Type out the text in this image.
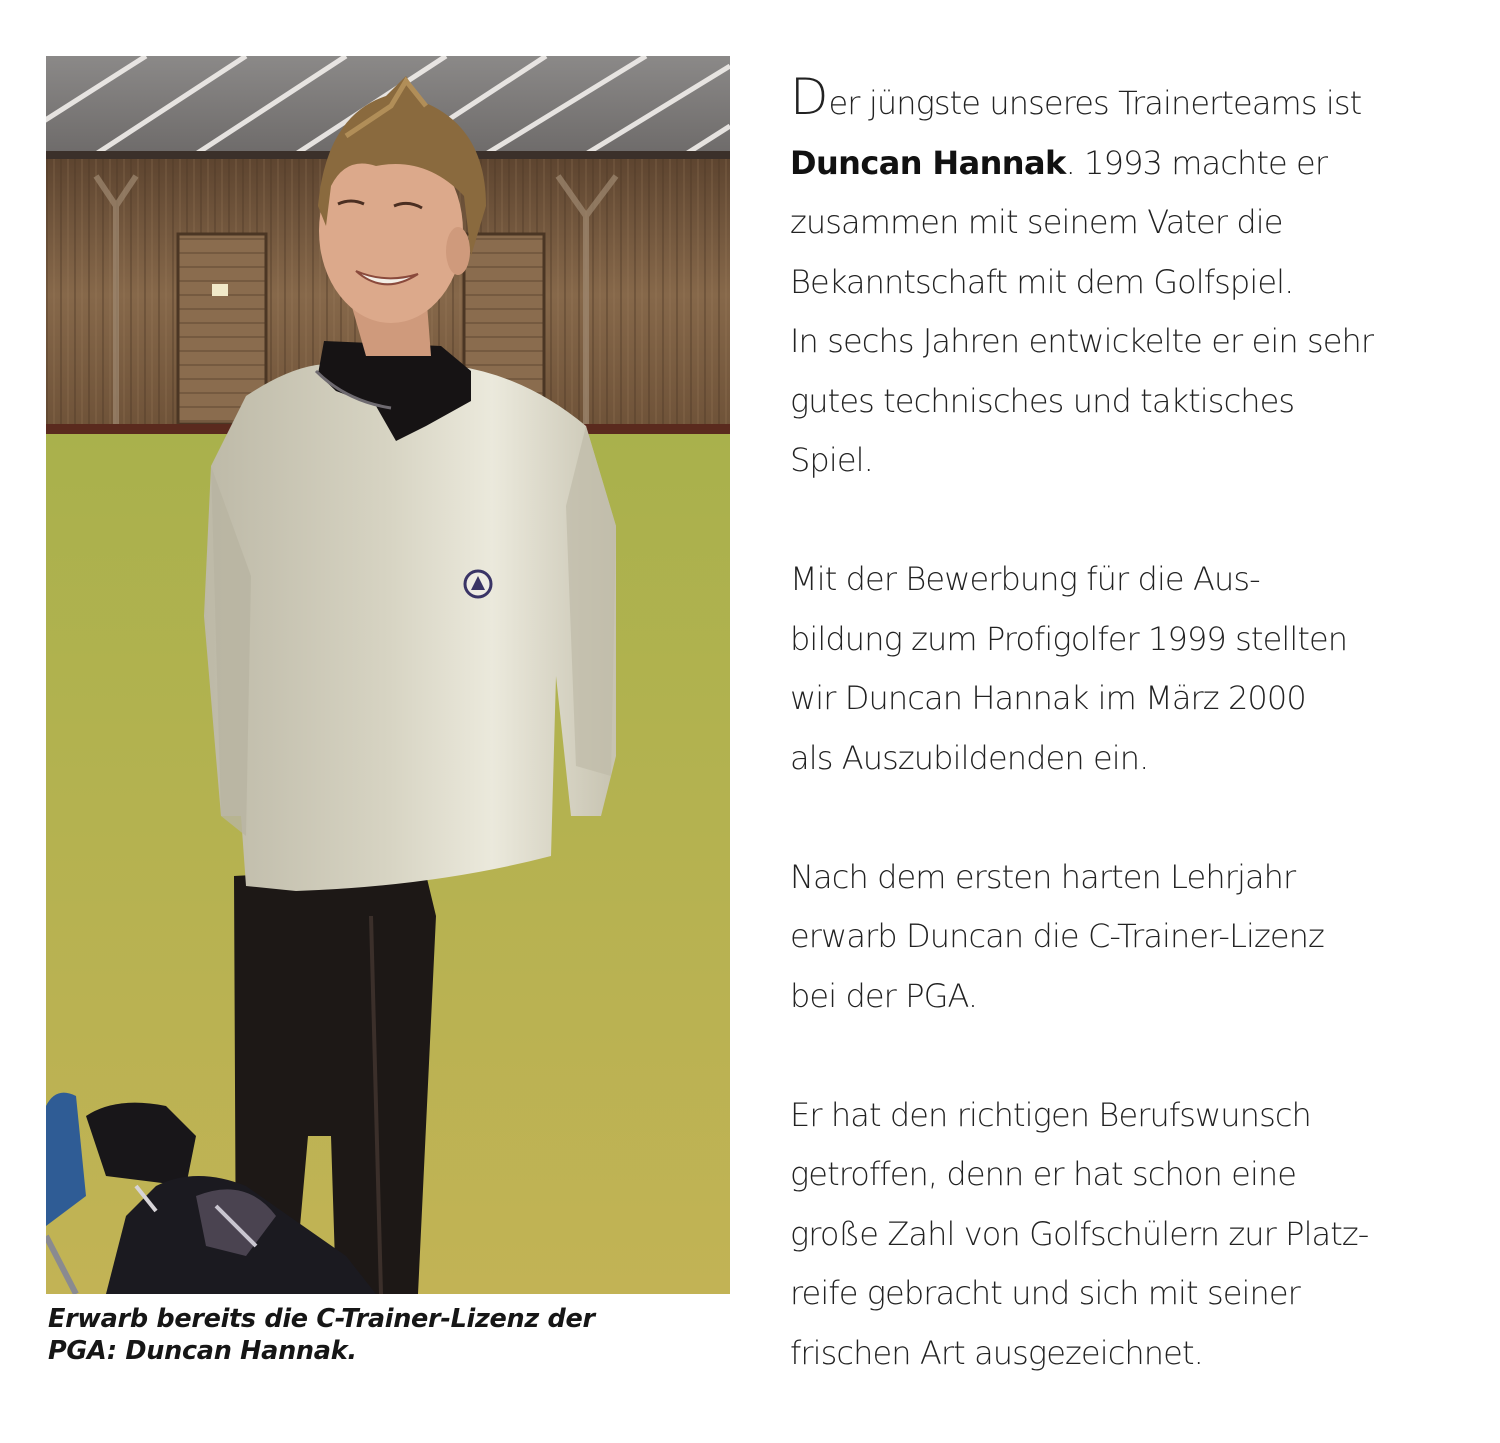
Erwarb bereits die C-Trainer-Lizenz der
PGA: Duncan Hannak.

Der jüngste unseres Trainerteams ist
Duncan Hannak. 1993 machte er
zusammen mit seinem Vater die
Bekanntschaft mit dem Golfspiel.
In sechs Jahren entwickelte er ein sehr
gutes technisches und taktisches
Spiel.

Mit der Bewerbung für die Aus-
bildung zum Profigolfer 1999 stellten
wir Duncan Hannak im März 2000
als Auszubildenden ein.

Nach dem ersten harten Lehrjahr
erwarb Duncan die C-Trainer-Lizenz
bei der PGA.

Er hat den richtigen Berufswunsch
getroffen, denn er hat schon eine
große Zahl von Golfschülern zur Platz-
reife gebracht und sich mit seiner
frischen Art ausgezeichnet.
